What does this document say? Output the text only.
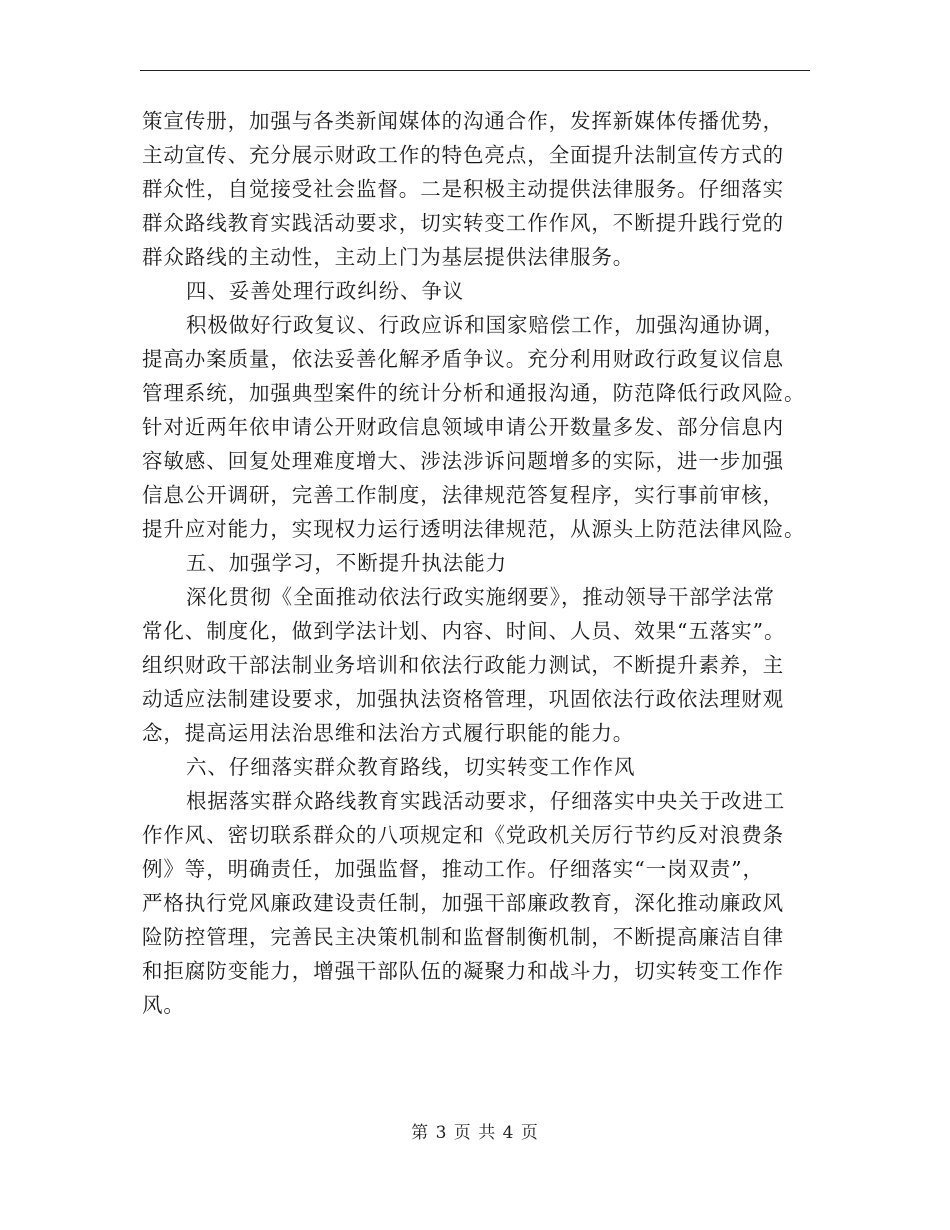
策宣传册，加强与各类新闻媒体的沟通合作，发挥新媒体传播优势，
主动宣传、充分展示财政工作的特色亮点，全面提升法制宣传方式的
群众性，自觉接受社会监督。二是积极主动提供法律服务。仔细落实
群众路线教育实践活动要求，切实转变工作作风，不断提升践行党的
群众路线的主动性，主动上门为基层提供法律服务。
四、妥善处理行政纠纷、争议
积极做好行政复议、行政应诉和国家赔偿工作，加强沟通协调，
提高办案质量，依法妥善化解矛盾争议。充分利用财政行政复议信息
管理系统，加强典型案件的统计分析和通报沟通，防范降低行政风险。
针对近两年依申请公开财政信息领域申请公开数量多发、部分信息内
容敏感、回复处理难度增大、涉法涉诉问题增多的实际，进一步加强
信息公开调研，完善工作制度，法律规范答复程序，实行事前审核，
提升应对能力，实现权力运行透明法律规范，从源头上防范法律风险。
五、加强学习，不断提升执法能力
深化贯彻《全面推动依法行政实施纲要》，推动领导干部学法常
常化、制度化，做到学法计划、内容、时间、人员、效果“五落实”。
组织财政干部法制业务培训和依法行政能力测试，不断提升素养，主
动适应法制建设要求，加强执法资格管理，巩固依法行政依法理财观
念，提高运用法治思维和法治方式履行职能的能力。
六、仔细落实群众教育路线，切实转变工作作风
根据落实群众路线教育实践活动要求，仔细落实中央关于改进工
作作风、密切联系群众的八项规定和《党政机关厉行节约反对浪费条
例》等，明确责任，加强监督，推动工作。仔细落实“一岗双责”，
严格执行党风廉政建设责任制，加强干部廉政教育，深化推动廉政风
险防控管理，完善民主决策机制和监督制衡机制，不断提高廉洁自律
和拒腐防变能力，增强干部队伍的凝聚力和战斗力，切实转变工作作
风。
第 3 页 共 4 页
